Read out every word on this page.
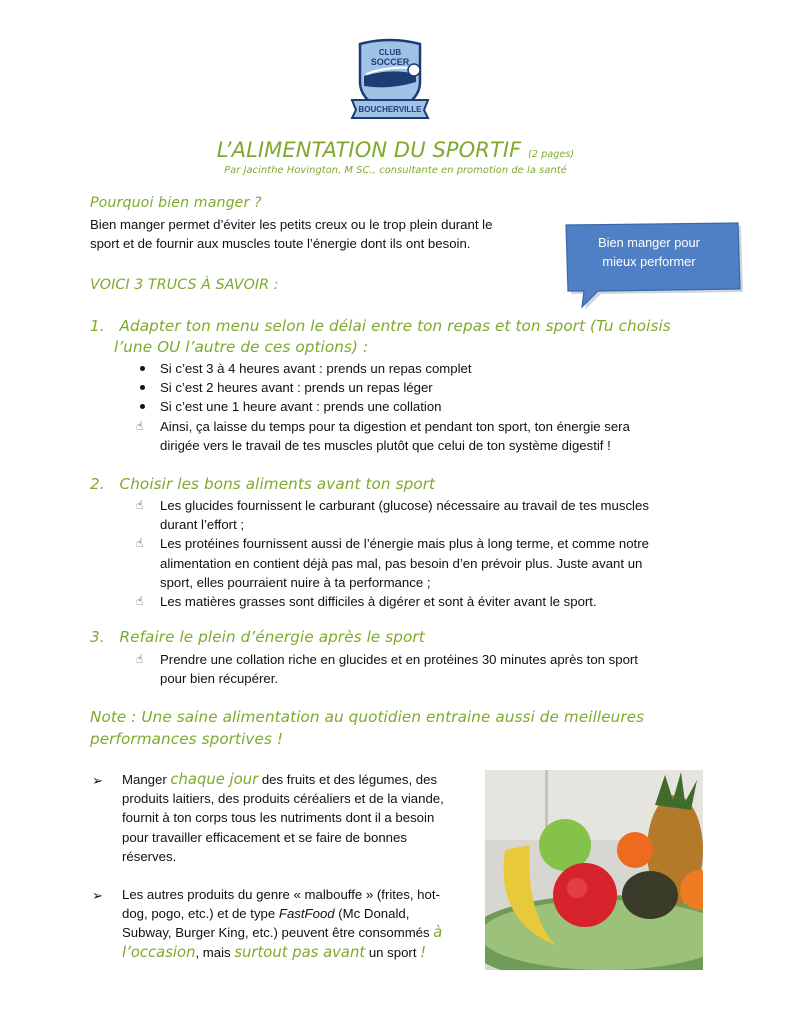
CLUB
SOCCER
BOUCHERVILLE
L’ALIMENTATION DU SPORTIF (2 pages)
Par Jacinthe Hovington, M SC., consultante en promotion de la santé
Pourquoi bien manger ?
Bien manger permet d’éviter les petits creux ou le trop plein durant le
sport et de fournir aux muscles toute l’énergie dont ils ont besoin.	Bien manger pour
mieux performer
VOICI 3 TRUCS À SAVOIR :
1. Adapter ton menu selon le délai entre ton repas et ton sport (Tu choisis
l’une OU l’autre de ces options) :
Si c’est 3 à 4 heures avant : prends un repas complet
Si c’est 2 heures avant : prends un repas léger
Si c’est une 1 heure avant : prends une collation
☝	Ainsi, ça laisse du temps pour ta digestion et pendant ton sport, ton énergie sera
dirigée vers le travail de tes muscles plutôt que celui de ton système digestif !
2. Choisir les bons aliments avant ton sport
☝	Les glucides fournissent le carburant (glucose) nécessaire au travail de tes muscles
durant l’effort ;
☝	Les protéines fournissent aussi de l’énergie mais plus à long terme, et comme notre
alimentation en contient déjà pas mal, pas besoin d’en prévoir plus. Juste avant un
sport, elles pourraient nuire à ta performance ;
☝	Les matières grasses sont difficiles à digérer et sont à éviter avant le sport.
3. Refaire le plein d’énergie après le sport
☝	Prendre une collation riche en glucides et en protéines 30 minutes après ton sport
pour bien récupérer.
Note : Une saine alimentation au quotidien entraine aussi de meilleures
performances sportives !
➢ Manger chaque jour des fruits et des légumes, des
produits laitiers, des produits céréaliers et de la viande,
fournit à ton corps tous les nutriments dont il a besoin
pour travailler efficacement et se faire de bonnes
réserves.
➢ Les autres produits du genre « malbouffe » (frites, hot-
dog, pogo, etc.) et de type FastFood (Mc Donald,
Subway, Burger King, etc.) peuvent être consommés à
l’occasion, mais surtout pas avant un sport !
